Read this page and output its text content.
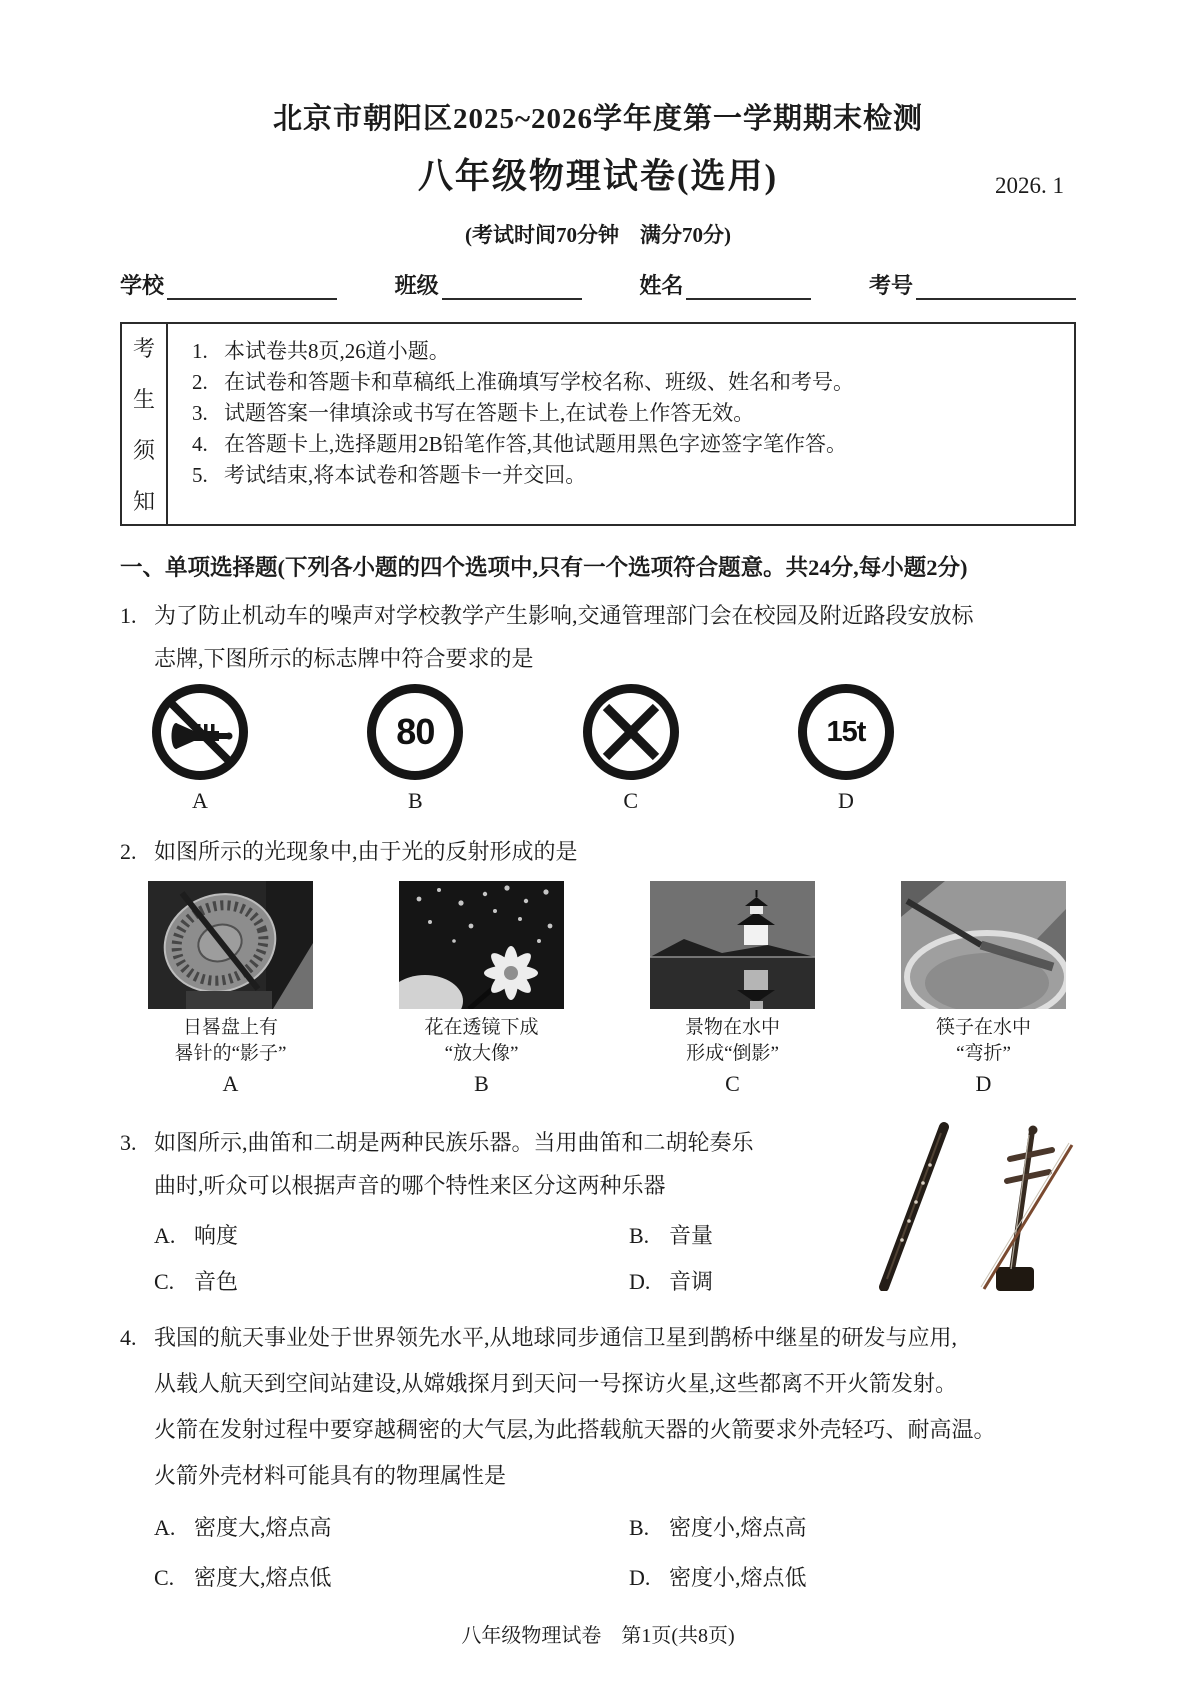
北京市朝阳区2025~2026学年度第一学期期末检测
八年级物理试卷(选用)	2026. 1
(考试时间70分钟　满分70分)
学校	班级	姓名	考号
考
生
须
知
1. 本试卷共8页,26道小题。
2. 在试卷和答题卡和草稿纸上准确填写学校名称、班级、姓名和考号。
3. 试题答案一律填涂或书写在答题卡上,在试卷上作答无效。
4. 在答题卡上,选择题用2B铅笔作答,其他试题用黑色字迹签字笔作答。
5. 考试结束,将本试卷和答题卡一并交回。
一、单项选择题(下列各小题的四个选项中,只有一个选项符合题意。共24分,每小题2分)
1. 为了防止机动车的噪声对学校教学产生影响,交通管理部门会在校园及附近路段安放标
志牌,下图所示的标志牌中符合要求的是
A
80
B	C
15t
D
2. 如图所示的光现象中,由于光的反射形成的是
日晷盘上有
晷针的“影子”
A
花在透镜下成
“放大像”
B
景物在水中
形成“倒影”
C
筷子在水中
“弯折”
D
3. 如图所示,曲笛和二胡是两种民族乐器。当用曲笛和二胡轮奏乐
曲时,听众可以根据声音的哪个特性来区分这两种乐器
A. 响度	B. 音量
C. 音色	D. 音调
4. 我国的航天事业处于世界领先水平,从地球同步通信卫星到鹊桥中继星的研发与应用,
从载人航天到空间站建设,从嫦娥探月到天问一号探访火星,这些都离不开火箭发射。
火箭在发射过程中要穿越稠密的大气层,为此搭载航天器的火箭要求外壳轻巧、耐高温。
火箭外壳材料可能具有的物理属性是
A. 密度大,熔点高	B. 密度小,熔点高
C. 密度大,熔点低	D. 密度小,熔点低
八年级物理试卷　第1页(共8页)
